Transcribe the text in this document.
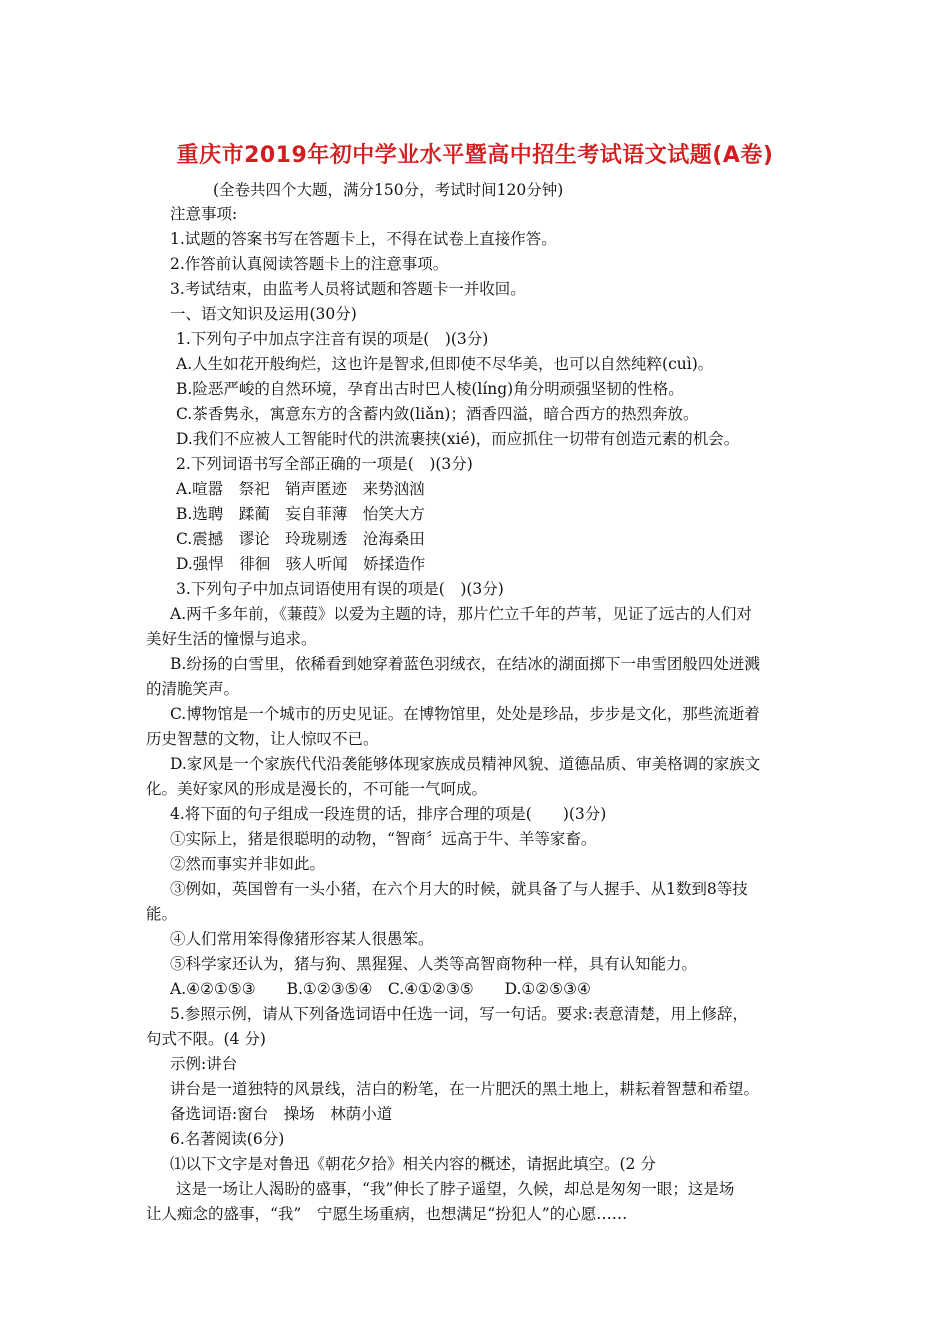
重庆市2019年初中学业水平暨高中招生考试语文试题(A卷)
(全卷共四个大题，满分150分，考试时间120分钟)
注意事项:
1.试题的答案书写在答题卡上，不得在试卷上直接作答。
2.作答前认真阅读答题卡上的注意事项。
3.考试结束，由监考人员将试题和答题卡一并收回。
一、语文知识及运用(30分)
1.下列句子中加点字注音有误的项是(　)(3分)
A.人生如花开般绚烂，这也许是智求,但即使不尽华美，也可以自然纯粹(cuì)。
B.险恶严峻的自然环境，孕育出古时巴人棱(líng)角分明顽强坚韧的性格。
C.茶香隽永，寓意东方的含蓄内敛(liǎn)；酒香四溢，暗合西方的热烈奔放。
D.我们不应被人工智能时代的洪流裹挟(xié)，而应抓住一切带有创造元素的机会。
2.下列词语书写全部正确的一项是(　)(3分)
A.喧嚣　祭祀　销声匿迹　来势汹汹
B.选聘　蹂蔺　妄自菲薄　怡笑大方
C.震撼　谬论　玲珑剔透　沧海桑田
D.强悍　徘徊　骇人听闻　娇揉造作
3.下列句子中加点词语使用有误的项是(　)(3分)
A.两千多年前，《蒹葭》以爱为主题的诗，那片伫立千年的芦苇，见证了远古的人们对
美好生活的憧憬与追求。
B.纷扬的白雪里，依稀看到她穿着蓝色羽绒衣，在结冰的湖面掷下一串雪团般四处迸溅
的清脆笑声。
C.博物馆是一个城市的历史见证。在博物馆里，处处是珍品，步步是文化，那些流逝着
历史智慧的文物，让人惊叹不已。
D.家风是一个家族代代沿袭能够体现家族成员精神风貌、道德品质、审美格调的家族文
化。美好家风的形成是漫长的，不可能一气呵成。
4.将下面的句子组成一段连贯的话，排序合理的项是(　　)(3分)
①实际上，猪是很聪明的动物，“智商〞远高于牛、羊等家畜。
②然而事实并非如此。
③例如，英国曾有一头小猪，在六个月大的时候，就具备了与人握手、从1数到8等技
能。
④人们常用笨得像猪形容某人很愚笨。
⑤科学家还认为，猪与狗、黑猩猩、人类等高智商物种一样，具有认知能力。
A.④②①⑤③　　B.①②③⑤④　C.④①②③⑤　　D.①②⑤③④
5.参照示例，请从下列备选词语中任选一词，写一句话。要求:表意清楚，用上修辞，
句式不限。(4 分)
示例:讲台
讲台是一道独特的风景线，洁白的粉笔，在一片肥沃的黑土地上，耕耘着智慧和希望。
备选词语:窗台　操场　林荫小道
6.名著阅读(6分)
⑴以下文字是对鲁迅《朝花夕拾》相关内容的概述，请据此填空。(2 分
这是一场让人渴盼的盛事，“我”伸长了脖子遥望，久候，却总是匆匆一眼；这是场
让人痴念的盛事，“我”　宁愿生场重病，也想满足“扮犯人”的心愿……
